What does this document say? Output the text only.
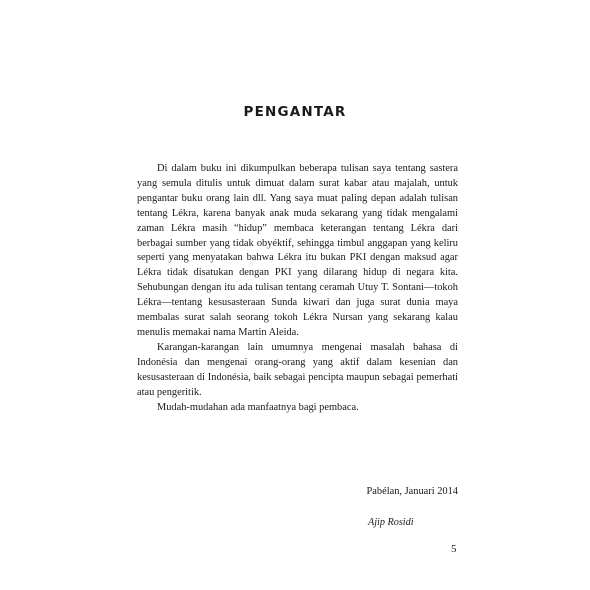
PENGANTAR

Di dalam buku ini dikumpulkan beberapa tulisan saya tentang sastera yang semula ditulis untuk dimuat dalam surat kabar atau majalah, untuk pengantar buku orang lain dll. Yang saya muat paling depan adalah tulisan tentang Lékra, karena banyak anak muda sekarang yang tidak mengalami zaman Lékra masih “hidup” membaca keterangan tentang Lékra dari berbagai sumber yang tidak obyéktif, sehingga timbul anggapan yang keliru seperti yang menyatakan bahwa Lékra itu bukan PKI dengan maksud agar Lékra tidak disatukan dengan PKI yang dilarang hidup di negara kita. Sehubungan dengan itu ada tulisan tentang ceramah Utuy T. Sontani—tokoh Lékra—tentang kesusasteraan Sunda kiwari dan juga surat dunia maya membalas surat salah seorang tokoh Lékra Nursan yang sekarang kalau menulis memakai nama Martin Aleida.

Karangan-karangan lain umumnya mengenai masalah bahasa di Indonésia dan mengenai orang-orang yang aktif dalam kesenian dan kesusasteraan di Indonésia, baik sebagai pencipta maupun sebagai pemerhati atau pengeritik.

Mudah-mudahan ada manfaatnya bagi pembaca.

Pabélan, Januari 2014
Ajip Rosidi
5
